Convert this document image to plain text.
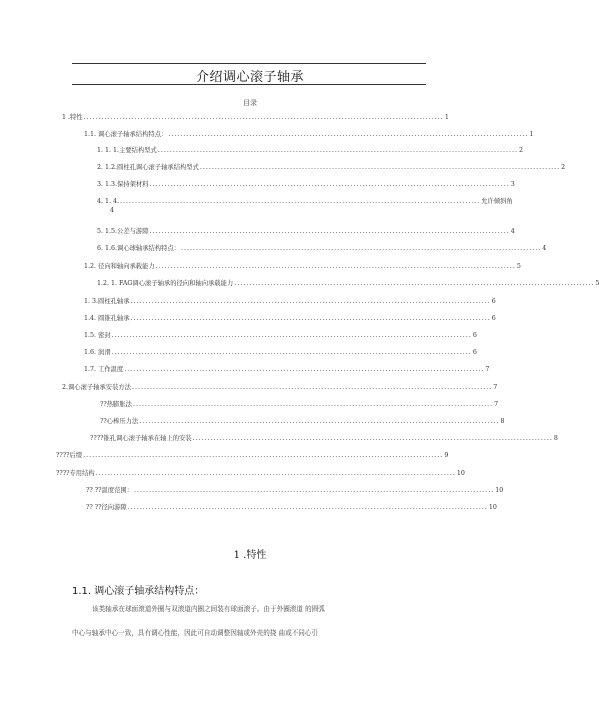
介绍调心滚子轴承
目录
1 .特性 ........................................................................................................................ 1
1.1. 调心滚子轴承结构特点： ........................................................................................................................ 1
1. 1. 1.主要结构型式 ........................................................................................................................ 2
2. 1.2.圆柱孔调心滚子轴承结构型式 ........................................................................................................................ 2
3. 1.3.保持架材料 ........................................................................................................................ 3
4. 1. 4. ........................................................................................................................ 允许倾斜角
4
5. 1.5.公差与游隙 ........................................................................................................................ 4
6. 1.6.调心球轴承结构特点： ........................................................................................................................ 4
1.2. 径向和轴向承载能力 ........................................................................................................................ 5
1.2. 1. FAG调心滚子轴承的径向和轴向承载能力 ........................................................................................................................ 5
1. 3.圆柱孔轴承 ........................................................................................................................ 6
1.4. 圆锥孔轴承 ........................................................................................................................ 6
1.5. 密封 ........................................................................................................................ 6
1.6. 润滑 ........................................................................................................................ 6
1.7. 工作温度 ........................................................................................................................ 7
2.调心滚子轴承安装方法 ........................................................................................................................ 7
??热膨胀法 ........................................................................................................................ 7
??心棒压力法 ........................................................................................................................ 8
????锥孔调心滚子轴承在轴上的安装 ........................................................................................................................ 8
????后缀 ........................................................................................................................ 9
????专用结构 ........................................................................................................................ 10
?? ??温度范围： ........................................................................................................................ 10
?? ??径向游隙 ........................................................................................................................ 10
1 .特性
1.1. 调心滚子轴承结构特点：
该类轴承在球面滚道外圈与双滚道内圈之间装有球面滚子。由于外圈滚道 的圆弧
中心与轴承中心一致，具有调心性能，因此可自动调整因轴或外壳的挠 曲或不同心引
